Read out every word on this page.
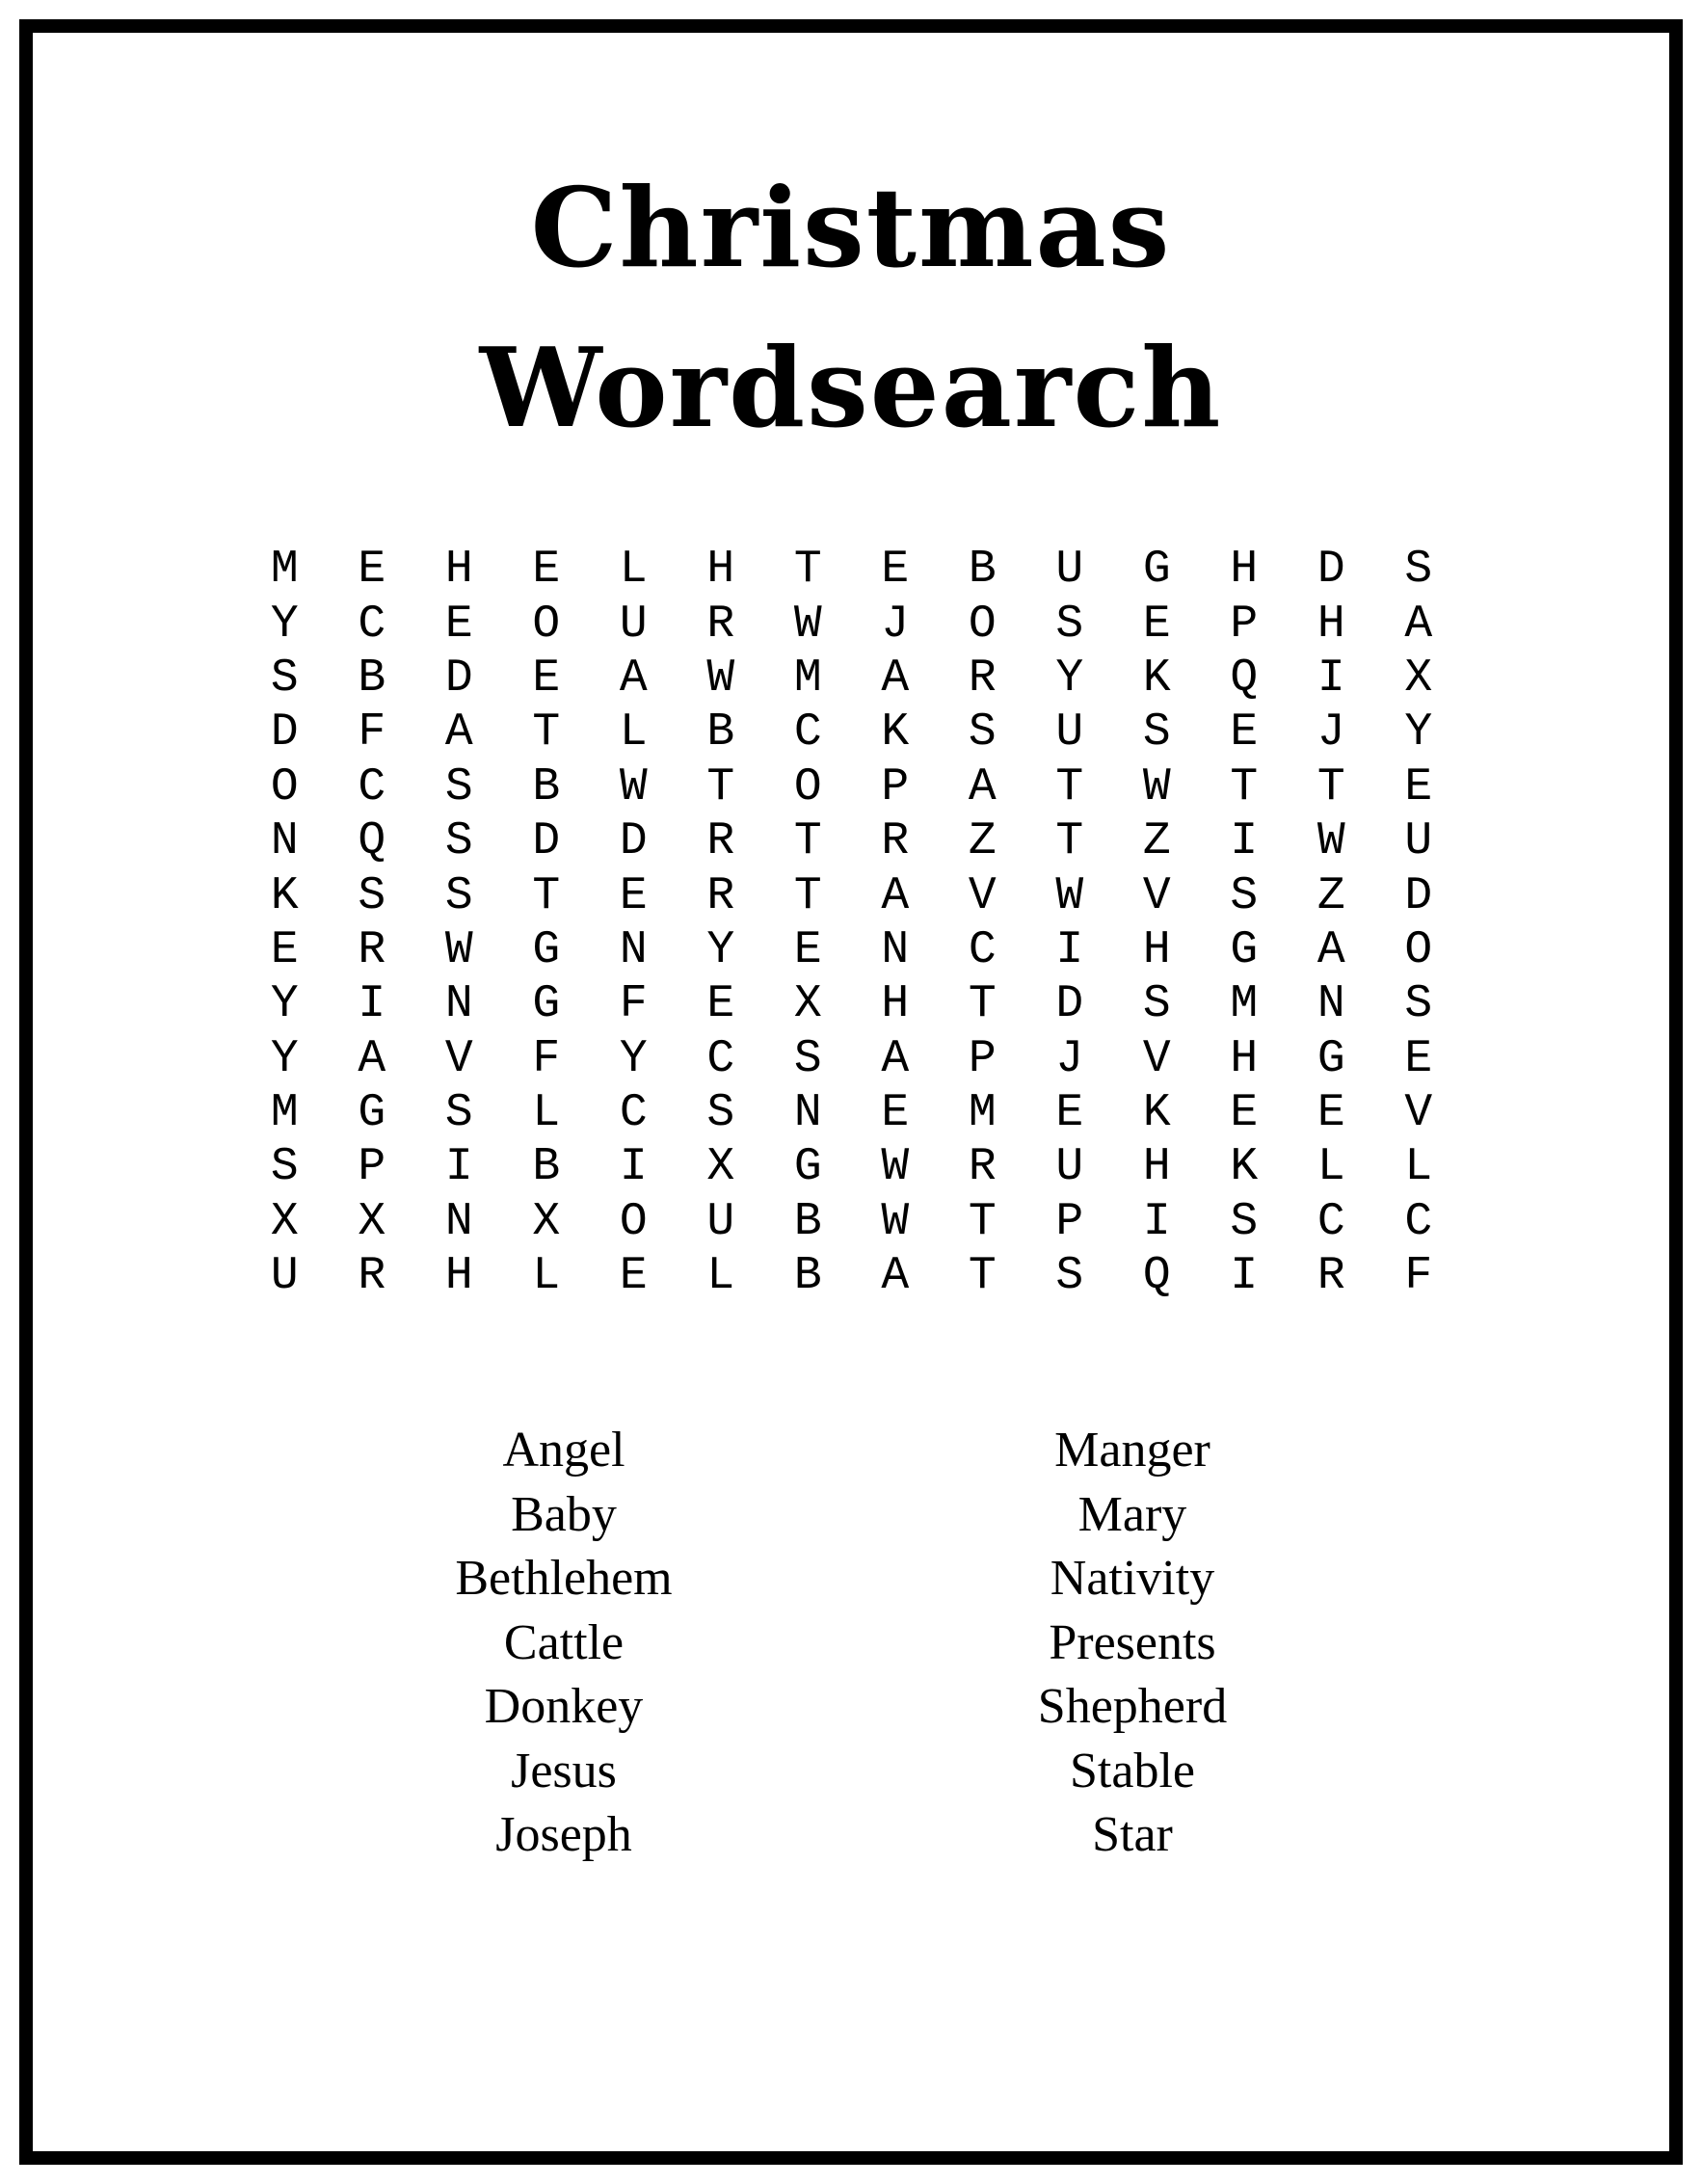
Christmas
Wordsearch
M	E	H	E	L	H	T	E	B	U	G	H	D	S
Y	C	E	O	U	R	W	J	O	S	E	P	H	A
S	B	D	E	A	W	M	A	R	Y	K	Q	I	X
D	F	A	T	L	B	C	K	S	U	S	E	J	Y
O	C	S	B	W	T	O	P	A	T	W	T	T	E
N	Q	S	D	D	R	T	R	Z	T	Z	I	W	U
K	S	S	T	E	R	T	A	V	W	V	S	Z	D
E	R	W	G	N	Y	E	N	C	I	H	G	A	O
Y	I	N	G	F	E	X	H	T	D	S	M	N	S
Y	A	V	F	Y	C	S	A	P	J	V	H	G	E
M	G	S	L	C	S	N	E	M	E	K	E	E	V
S	P	I	B	I	X	G	W	R	U	H	K	L	L
X	X	N	X	O	U	B	W	T	P	I	S	C	C
U	R	H	L	E	L	B	A	T	S	Q	I	R	F
Angel
Baby
Bethlehem
Cattle
Donkey
Jesus
Joseph
Manger
Mary
Nativity
Presents
Shepherd
Stable
Star
